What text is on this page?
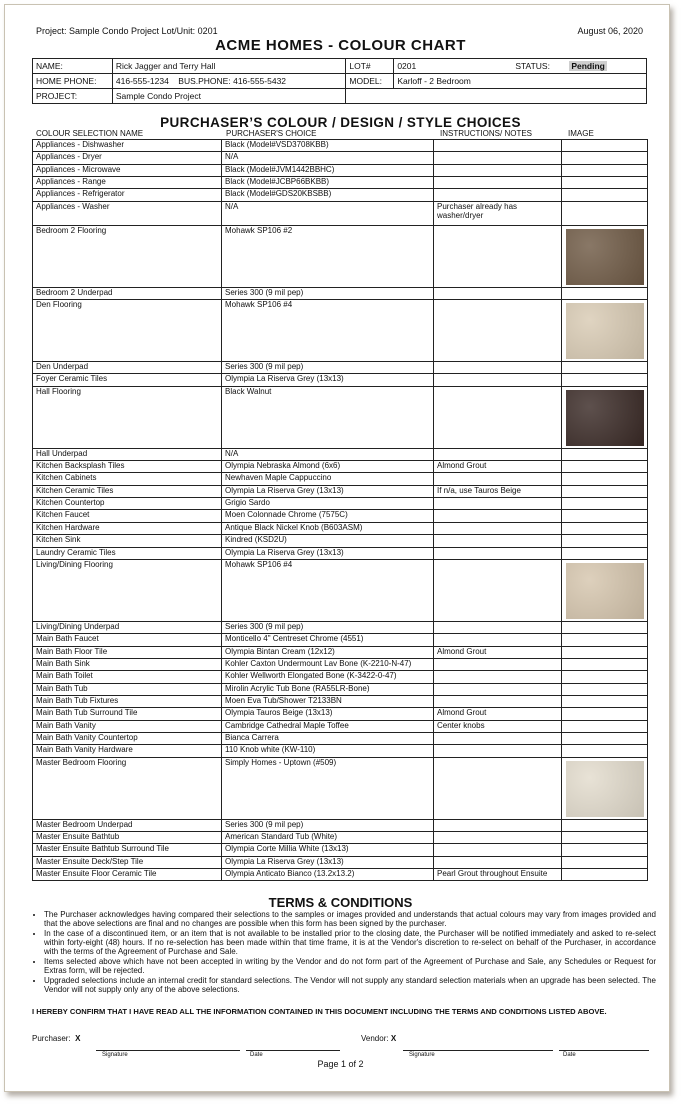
Project: Sample Condo Project Lot/Unit: 0201	August 06, 2020
ACME HOMES - COLOUR CHART
NAME:	Rick Jagger and Terry Hall	LOT#	0201 STATUS: Pending

HOME PHONE:	416-555-1234 BUS.PHONE: 416-555-5432	MODEL:	Karloff - 2 Bedroom
PROJECT:	Sample Condo Project		
PURCHASER’S COLOUR / DESIGN / STYLE CHOICES
COLOUR SELECTION NAME	PURCHASER'S CHOICE	INSTRUCTIONS/ NOTES	IMAGE
Appliances - Dishwasher	Black (Model#VSD3708KBB)		
Appliances - Dryer	N/A		
Appliances - Microwave	Black (Model#JVM1442BBHC)		
Appliances - Range	Black (Model#JCBP66BKBB)		
Appliances - Refrigerator	Black (Model#GDS20KBSBB)		
Appliances - Washer	N/A	Purchaser already has washer/dryer	
Bedroom 2 Flooring	Mohawk SP106 #2		

Bedroom 2 Underpad	Series 300 (9 mil pep)		
Den Flooring	Mohawk SP106 #4		

Den Underpad	Series 300 (9 mil pep)		
Foyer Ceramic Tiles	Olympia La Riserva Grey (13x13)		
Hall Flooring	Black Walnut		

Hall Underpad	N/A		
Kitchen Backsplash Tiles	Olympia Nebraska Almond (6x6)	Almond Grout	
Kitchen Cabinets	Newhaven Maple Cappuccino		
Kitchen Ceramic Tiles	Olympia La Riserva Grey (13x13)	If n/a, use Tauros Beige	
Kitchen Countertop	Grigio Sardo		
Kitchen Faucet	Moen Colonnade Chrome (7575C)		
Kitchen Hardware	Antique Black Nickel Knob (B603ASM)		
Kitchen Sink	Kindred (KSD2U)		
Laundry Ceramic Tiles	Olympia La Riserva Grey (13x13)		
Living/Dining Flooring	Mohawk SP106 #4		

Living/Dining Underpad	Series 300 (9 mil pep)		
Main Bath Faucet	Monticello 4" Centreset Chrome (4551)		
Main Bath Floor Tile	Olympia Bintan Cream (12x12)	Almond Grout	
Main Bath Sink	Kohler Caxton Undermount Lav Bone (K-2210-N-47)		
Main Bath Toilet	Kohler Wellworth Elongated Bone (K-3422-0-47)		
Main Bath Tub	Mirolin Acrylic Tub Bone (RA55LR-Bone)		
Main Bath Tub Fixtures	Moen Eva Tub/Shower T2133BN		
Main Bath Tub Surround Tile	Olympia Tauros Beige (13x13)	Almond Grout	
Main Bath Vanity	Cambridge Cathedral Maple Toffee	Center knobs	
Main Bath Vanity Countertop	Bianca Carrera		
Main Bath Vanity Hardware	110 Knob white (KW-110)		
Master Bedroom Flooring	Simply Homes - Uptown (#509)		

Master Bedroom Underpad	Series 300 (9 mil pep)		
Master Ensuite Bathtub	American Standard Tub (White)		
Master Ensuite Bathtub Surround Tile	Olympia Corte Millia White (13x13)		
Master Ensuite Deck/Step Tile	Olympia La Riserva Grey (13x13)		
Master Ensuite Floor Ceramic Tile	Olympia Anticato Bianco (13.2x13.2)	Pearl Grout throughout Ensuite	
TERMS & CONDITIONS
• The Purchaser acknowledges having compared their selections to the samples or images provided and understands that actual colours may vary from images provided and that the above selections are final and no changes are possible when this form has been signed by the purchaser.
• In the case of a discontinued item, or an item that is not available to be installed prior to the closing date, the Purchaser will be notified immediately and asked to re-select within forty-eight (48) hours. If no re-selection has been made within that time frame, it is at the Vendor's discretion to re-select on behalf of the Purchaser, in accordance with the terms of the Agreement of Purchase and Sale.
• Items selected above which have not been accepted in writing by the Vendor and do not form part of the Agreement of Purchase and Sale, any Schedules or Request for Extras form, will be rejected.
• Upgraded selections include an internal credit for standard selections. The Vendor will not supply any standard selection materials when an upgrade has been selected. The Vendor will not supply only any of the above selections.
I HEREBY CONFIRM THAT I HAVE READ ALL THE INFORMATION CONTAINED IN THIS DOCUMENT INCLUDING THE TERMS AND CONDITIONS LISTED ABOVE.
Purchaser: X
Signature	Date
Vendor: X
Signature	Date
Page 1 of 2
